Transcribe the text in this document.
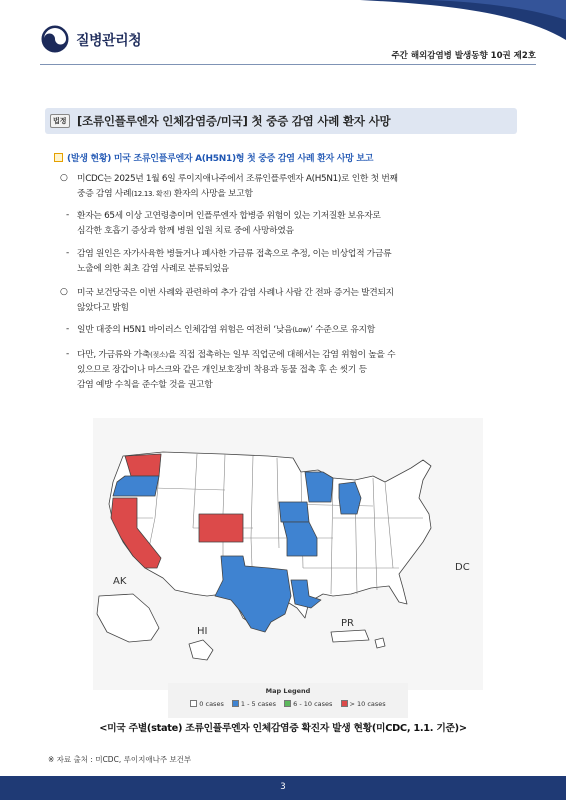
질병관리청
주간 해외감염병 발생동향 10권 제2호
법정 [조류인플루엔자 인체감염증/미국] 첫 중증 감염 사례 환자 사망
(발생 현황) 미국 조류인플루엔자 A(H5N1)형 첫 중증 감염 사례 환자 사망 보고
○ 미CDC는 2025년 1월 6일 루이지애나주에서 조류인플루엔자 A(H5N1)로 인한 첫 번째
중증 감염 사례(12.13. 확진) 환자의 사망을 보고함
- 환자는 65세 이상 고연령층이며 인플루엔자 합병증 위험이 있는 기저질환 보유자로
심각한 호흡기 증상과 함께 병원 입원 치료 중에 사망하였음
- 감염 원인은 자가사육한 병들거나 폐사한 가금류 접촉으로 추정, 이는 비상업적 가금류
노출에 의한 최초 감염 사례로 분류되었음
○ 미국 보건당국은 이번 사례와 관련하여 추가 감염 사례나 사람 간 전파 증거는 발견되지
않았다고 밝힘
- 일반 대중의 H5N1 바이러스 인체감염 위험은 여전히 ‘낮음(Low)’ 수준으로 유지함
- 다만, 가금류와 가축(젖소)을 직접 접촉하는 일부 직업군에 대해서는 감염 위험이 높을 수
있으므로 장갑이나 마스크와 같은 개인보호장비 착용과 동물 접촉 후 손 씻기 등
감염 예방 수칙을 준수할 것을 권고함
AK
HI
PR
DC
Map Legend
0 cases	1 - 5 cases	6 - 10 cases	> 10 cases
<미국 주별(state) 조류인플루엔자 인체감염증 확진자 발생 현황(미CDC, 1.1. 기준)>
※ 자료 출처 : 미CDC, 루이지애나주 보건부
3
